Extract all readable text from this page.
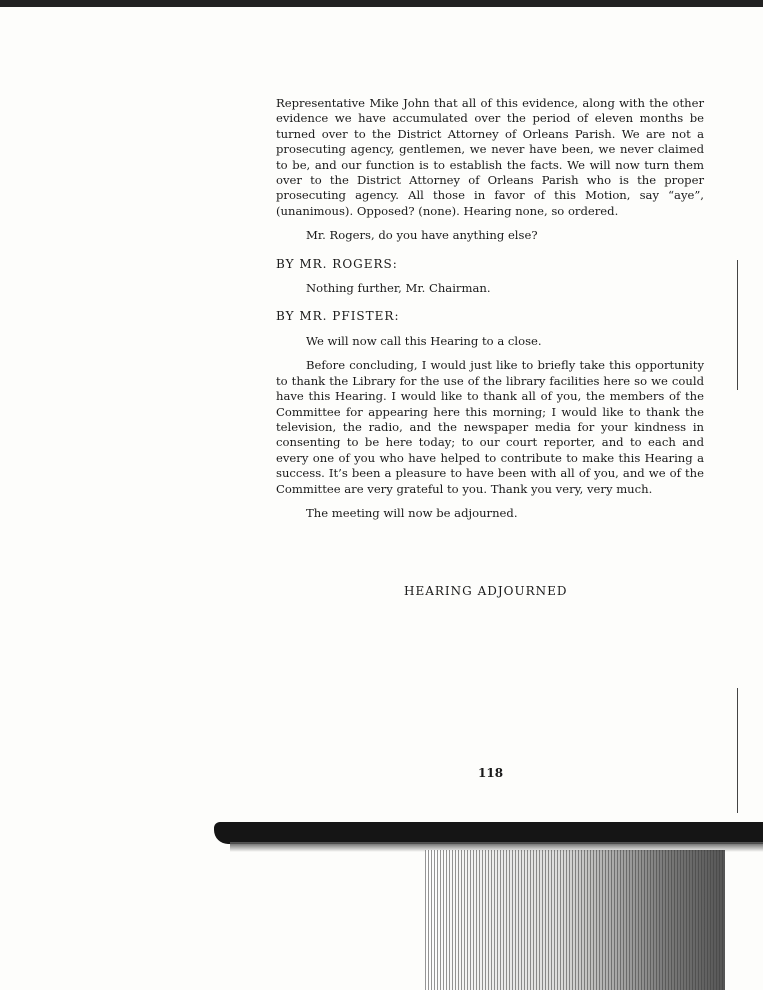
Representative Mike John that all of this evidence, along with the other evidence we have accumulated over the period of eleven months be turned over to the District Attorney of Orleans Parish. We are not a prosecuting agency, gentlemen, we never have been, we never claimed to be, and our function is to establish the facts. We will now turn them over to the District Attorney of Orleans Parish who is the proper prosecuting agency. All those in favor of this Motion, say “aye”, (unanimous). Opposed? (none). Hearing none, so ordered.

Mr. Rogers, do you have anything else?

BY MR. ROGERS:

Nothing further, Mr. Chairman.

BY MR. PFISTER:

We will now call this Hearing to a close.

Before concluding, I would just like to briefly take this opportunity to thank the Library for the use of the library facilities here so we could have this Hearing. I would like to thank all of you, the members of the Committee for appearing here this morning; I would like to thank the television, the radio, and the newspaper media for your kindness in consenting to be here today; to our court reporter, and to each and every one of you who have helped to contribute to make this Hearing a success. It’s been a pleasure to have been with all of you, and we of the Committee are very grateful to you. Thank you very, very much.

The meeting will now be adjourned.

HEARING ADJOURNED
118
